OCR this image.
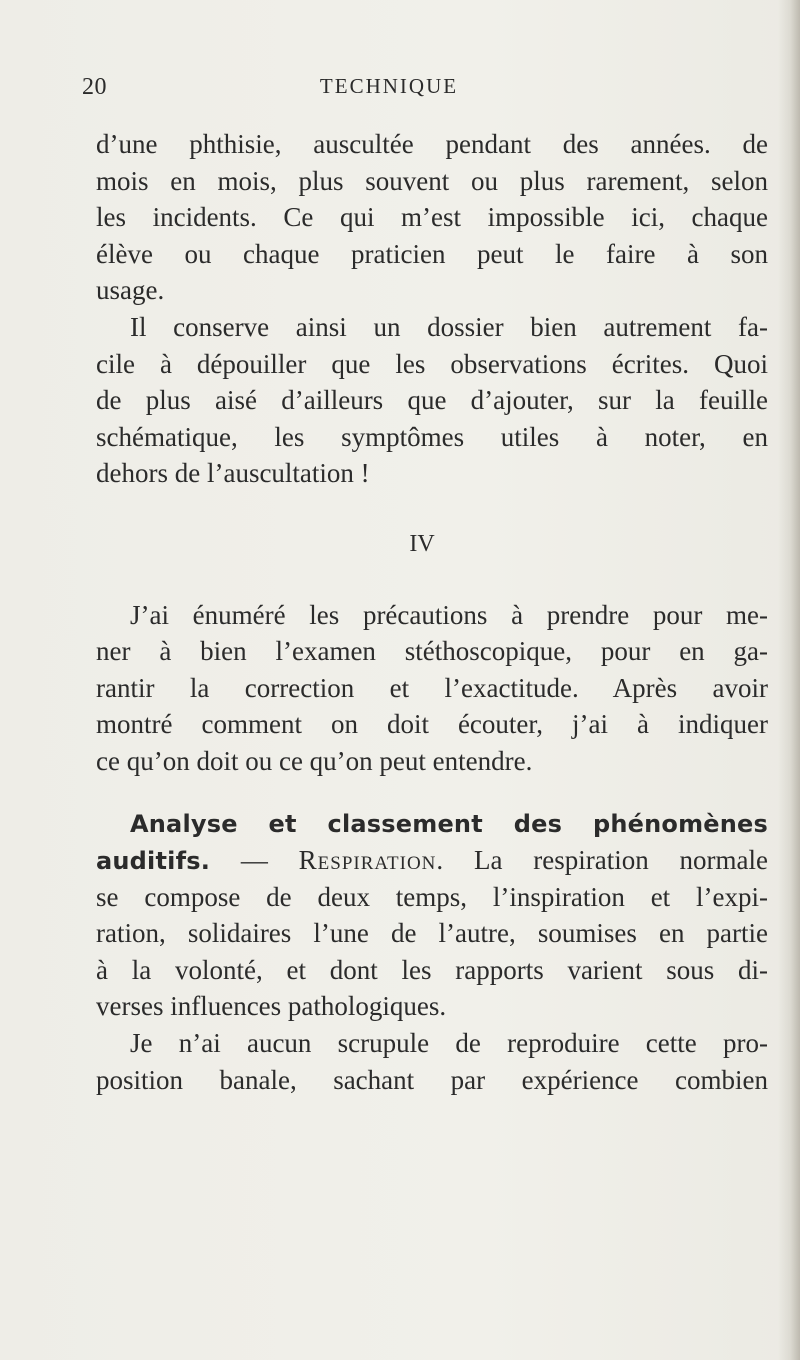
20	TECHNIQUE
d’une phthisie, auscultée pendant des années. de
mois en mois, plus souvent ou plus rarement, selon
les incidents. Ce qui m’est impossible ici, chaque
élève ou chaque praticien peut le faire à son
usage.
Il conserve ainsi un dossier bien autrement fa-
cile à dépouiller que les observations écrites. Quoi
de plus aisé d’ailleurs que d’ajouter, sur la feuille
schématique, les symptômes utiles à noter, en
dehors de l’auscultation !
IV
J’ai énuméré les précautions à prendre pour me-
ner à bien l’examen stéthoscopique, pour en ga-
rantir la correction et l’exactitude. Après avoir
montré comment on doit écouter, j’ai à indiquer
ce qu’on doit ou ce qu’on peut entendre.
Analyse et classement des phénomènes
auditifs. — Respiration. La respiration normale
se compose de deux temps, l’inspiration et l’expi-
ration, solidaires l’une de l’autre, soumises en partie
à la volonté, et dont les rapports varient sous di-
verses influences pathologiques.
Je n’ai aucun scrupule de reproduire cette pro-
position banale, sachant par expérience combien
